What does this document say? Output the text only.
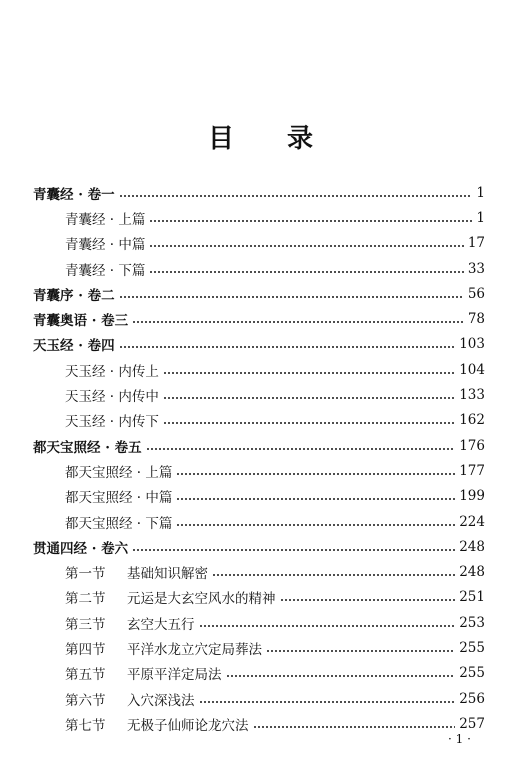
目 录
青囊经 · 卷一	1
青囊经 · 上篇	1
青囊经 · 中篇	17
青囊经 · 下篇	33
青囊序 · 卷二	56
青囊奥语 · 卷三	78
天玉经 · 卷四	103
天玉经 · 内传上	104
天玉经 · 内传中	133
天玉经 · 内传下	162
都天宝照经 · 卷五	176
都天宝照经 · 上篇	177
都天宝照经 · 中篇	199
都天宝照经 · 下篇	224
贯通四经 · 卷六	248
第一节	基础知识解密	248
第二节	元运是大玄空风水的精神	251
第三节	玄空大五行	253
第四节	平洋水龙立穴定局葬法	255
第五节	平原平洋定局法	255
第六节	入穴深浅法	256
第七节	无极子仙师论龙穴法	257
· 1 ·
